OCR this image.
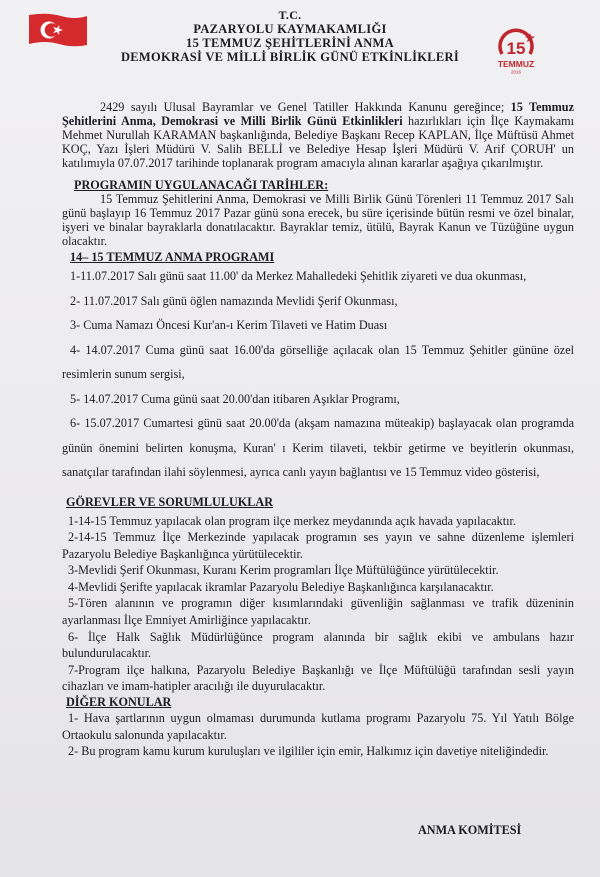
T.C.
PAZARYOLU KAYMAKAMLIĞI
15 TEMMUZ ŞEHİTLERİNİ ANMA
DEMOKRASİ VE MİLLİ BİRLİK GÜNÜ ETKİNLİKLERİ	15
TEMMUZ
2016

2429 sayılı Ulusal Bayramlar ve Genel Tatiller Hakkında Kanunu gereğince; 15 Temmuz Şehitlerini Anma, Demokrasi ve Milli Birlik Günü Etkinlikleri hazırlıkları için İlçe Kaymakamı Mehmet Nurullah KARAMAN başkanlığında, Belediye Başkanı Recep KAPLAN, İlçe Müftüsü Ahmet KOÇ, Yazı İşleri Müdürü V. Salih BELLİ ve Belediye Hesap İşleri Müdürü V. Arif ÇORUH' un katılımıyla 07.07.2017 tarihinde toplanarak program amacıyla alınan kararlar aşağıya çıkarılmıştır.

PROGRAMIN UYGULANACAĞI TARİHLER:

15 Temmuz Şehitlerini Anma, Demokrasi ve Milli Birlik Günü Törenleri 11 Temmuz 2017 Salı günü başlayıp 16 Temmuz 2017 Pazar günü sona erecek, bu süre içerisinde bütün resmi ve özel binalar, işyeri ve binalar bayraklarla donatılacaktır. Bayraklar temiz, ütülü, Bayrak Kanun ve Tüzüğüne uygun olacaktır.

14– 15 TEMMUZ ANMA PROGRAMI

1-11.07.2017 Salı günü saat 11.00' da Merkez Mahalledeki Şehitlik ziyareti ve dua okunması,

2- 11.07.2017 Salı günü öğlen namazında Mevlidi Şerif Okunması,

3- Cuma Namazı Öncesi Kur'an-ı Kerim Tilaveti ve Hatim Duası

4- 14.07.2017 Cuma günü saat 16.00'da görselliğe açılacak olan 15 Temmuz Şehitler gününe özel resimlerin sunum sergisi,

5- 14.07.2017 Cuma günü saat 20.00'dan itibaren Aşıklar Programı,

6- 15.07.2017 Cumartesi günü saat 20.00'da (akşam namazına müteakip) başlayacak olan programda günün önemini belirten konuşma, Kuran' ı Kerim tilaveti, tekbir getirme ve beyitlerin okunması, sanatçılar tarafından ilahi söylenmesi, ayrıca canlı yayın bağlantısı ve 15 Temmuz video gösterisi,

GÖREVLER VE SORUMLULUKLAR

1-14-15 Temmuz yapılacak olan program ilçe merkez meydanında açık havada yapılacaktır.

2-14-15 Temmuz İlçe Merkezinde yapılacak programın ses yayın ve sahne düzenleme işlemleri Pazaryolu Belediye Başkanlığınca yürütülecektir.

3-Mevlidi Şerif Okunması, Kuranı Kerim programları İlçe Müftülüğünce yürütülecektir.

4-Mevlidi Şerifte yapılacak ikramlar Pazaryolu Belediye Başkanlığınca karşılanacaktır.

5-Tören alanının ve programın diğer kısımlarındaki güvenliğin sağlanması ve trafik düzeninin ayarlanması İlçe Emniyet Amirliğince yapılacaktır.

6- İlçe Halk Sağlık Müdürlüğünce program alanında bir sağlık ekibi ve ambulans hazır bulundurulacaktır.

7-Program ilçe halkına, Pazaryolu Belediye Başkanlığı ve İlçe Müftülüğü tarafından sesli yayın cihazları ve imam-hatipler aracılığı ile duyurulacaktır.

DİĞER KONULAR

1- Hava şartlarının uygun olmaması durumunda kutlama programı Pazaryolu 75. Yıl Yatılı Bölge Ortaokulu salonunda yapılacaktır.

2- Bu program kamu kurum kuruluşları ve ilgililer için emir, Halkımız için davetiye niteliğindedir.

ANMA KOMİTESİ
